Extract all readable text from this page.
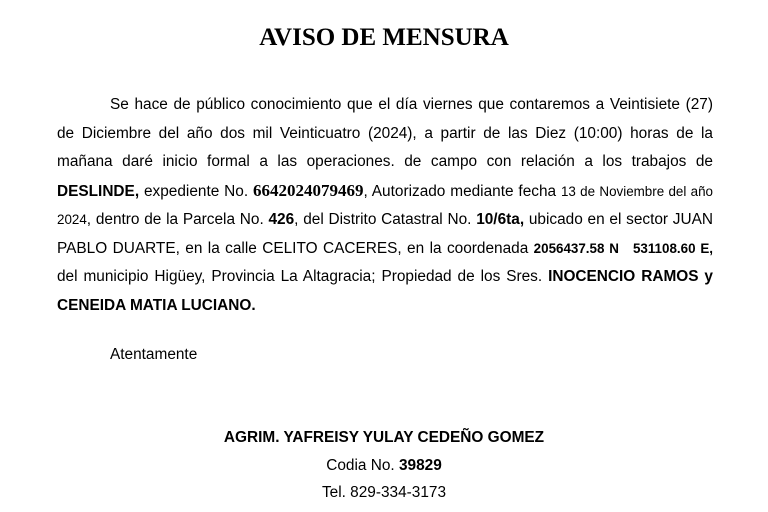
AVISO DE MENSURA
Se hace de público conocimiento que el día viernes que contaremos a Veintisiete (27) de Diciembre del año dos mil Veinticuatro (2024), a partir de las Diez (10:00) horas de la mañana daré inicio formal a las operaciones. de campo con relación a los trabajos de DESLINDE, expediente No. 6642024079469, Autorizado mediante fecha 13 de Noviembre del año 2024, dentro de la Parcela No. 426, del Distrito Catastral No. 10/6ta, ubicado en el sector JUAN PABLO DUARTE, en la calle CELITO CACERES, en la coordenada 2056437.58 N 531108.60 E, del municipio Higüey, Provincia La Altagracia; Propiedad de los Sres. INOCENCIO RAMOS y CENEIDA MATIA LUCIANO.
Atentamente
AGRIM. YAFREISY YULAY CEDEÑO GOMEZ
Codia No. 39829
Tel. 829-334-3173
